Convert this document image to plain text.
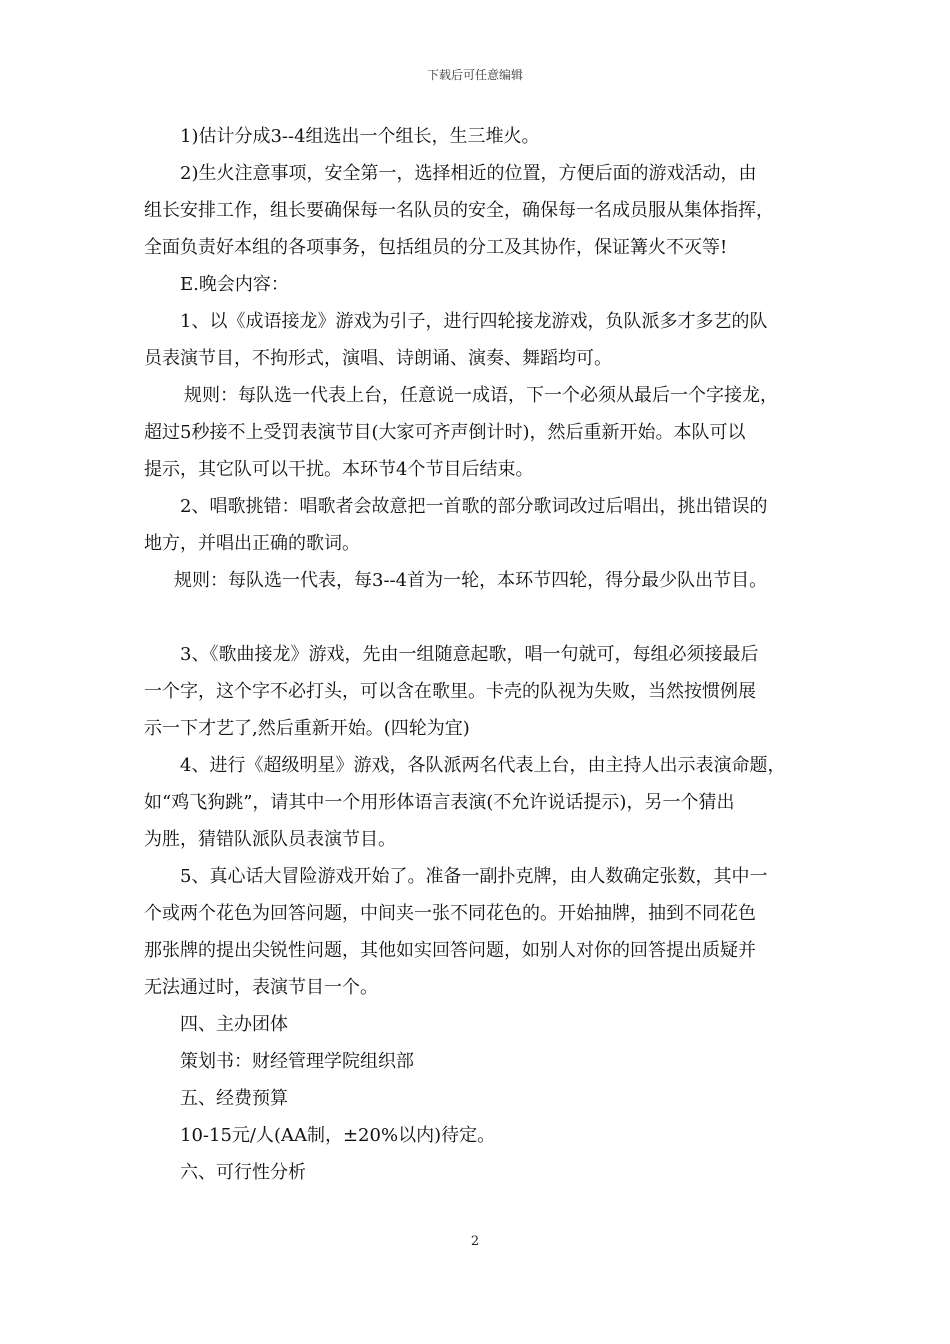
下载后可任意编辑

1)估计分成3--4组选出一个组长，生三堆火。

2)生火注意事项，安全第一，选择相近的位置，方便后面的游戏活动，由

组长安排工作，组长要确保每一名队员的安全，确保每一名成员服从集体指挥，

全面负责好本组的各项事务，包括组员的分工及其协作，保证篝火不灭等!

E.晚会内容：

1、以《成语接龙》游戏为引子，进行四轮接龙游戏，负队派多才多艺的队

员表演节目，不拘形式，演唱、诗朗诵、演奏、舞蹈均可。

规则：每队选一代表上台，任意说一成语，下一个必须从最后一个字接龙，

超过5秒接不上受罚表演节目(大家可齐声倒计时)，然后重新开始。本队可以

提示，其它队可以干扰。本环节4个节目后结束。

2、唱歌挑错：唱歌者会故意把一首歌的部分歌词改过后唱出，挑出错误的

地方，并唱出正确的歌词。

规则：每队选一代表，每3--4首为一轮，本环节四轮，得分最少队出节目。

3、《歌曲接龙》游戏，先由一组随意起歌，唱一句就可，每组必须接最后

一个字，这个字不必打头，可以含在歌里。卡壳的队视为失败，当然按惯例展

示一下才艺了,然后重新开始。(四轮为宜)

4、进行《超级明星》游戏，各队派两名代表上台，由主持人出示表演命题，

如“鸡飞狗跳”，请其中一个用形体语言表演(不允许说话提示)，另一个猜出

为胜，猜错队派队员表演节目。

5、真心话大冒险游戏开始了。准备一副扑克牌，由人数确定张数，其中一

个或两个花色为回答问题，中间夹一张不同花色的。开始抽牌，抽到不同花色

那张牌的提出尖锐性问题，其他如实回答问题，如别人对你的回答提出质疑并

无法通过时，表演节目一个。

四、主办团体

策划书：财经管理学院组织部

五、经费预算

10-15元/人(AA制，±20%以内)待定。

六、可行性分析

2
